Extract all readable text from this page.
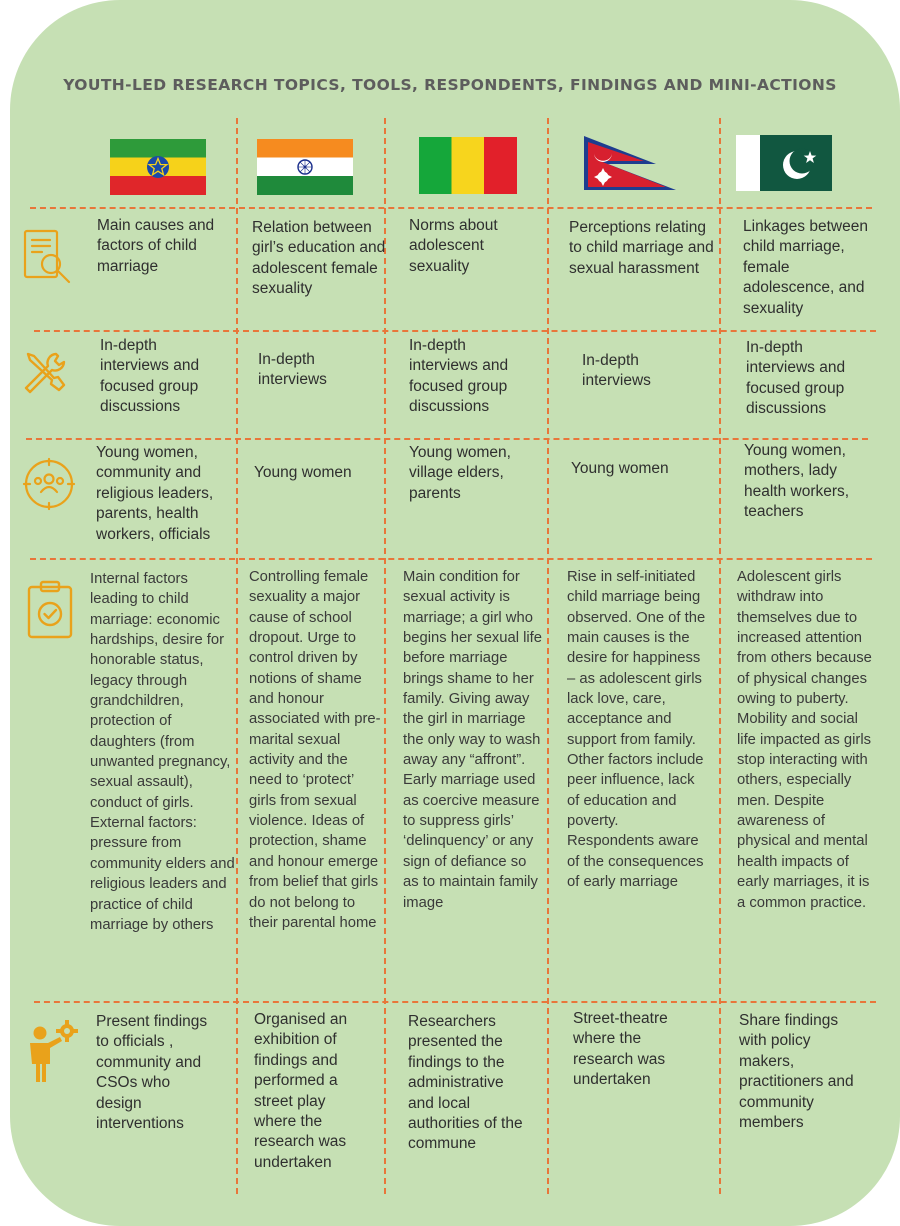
YOUTH-LED RESEARCH TOPICS, TOOLS, RESPONDENTS, FINDINGS AND MINI-ACTIONS
Main causes and factors of child marriage
Relation between girl’s education and adolescent female sexuality
Norms about adolescent sexuality
Perceptions relating to child marriage and sexual harassment
Linkages between child marriage, female adolescence, and sexuality
In-depth interviews and focused group discussions
In-depth interviews
In-depth interviews and focused group discussions
In-depth interviews
In-depth interviews and focused group discussions
Young women, community and religious leaders, parents, health workers, officials
Young women
Young women, village elders, parents
Young women
Young women, mothers, lady health workers, teachers
Internal factors leading to child marriage: economic hardships, desire for honorable status, legacy through grandchildren, protection of daughters (from unwanted pregnancy, sexual assault), conduct of girls. External factors: pressure from community elders and religious leaders and practice of child marriage by others
Controlling female sexuality a major cause of school dropout. Urge to control driven by notions of shame and honour associated with pre-marital sexual activity and the need to ‘protect’ girls from sexual violence. Ideas of protection, shame and honour emerge from belief that girls do not belong to their parental home
Main condition for sexual activity is marriage; a girl who begins her sexual life before marriage brings shame to her family. Giving away the girl in marriage the only way to wash away any “affront”. Early marriage used as coercive measure to suppress girls’ ‘delinquency’ or any sign of defiance so as to maintain family image
Rise in self-initiated child marriage being observed. One of the main causes is the desire for happiness – as adolescent girls lack love, care, acceptance and support from family. Other factors include peer influence, lack of education and poverty. Respondents aware of the consequences of early marriage
Adolescent girls withdraw into themselves due to increased attention from others because of physical changes owing to puberty. Mobility and social life impacted as girls stop interacting with others, especially men. Despite awareness of physical and mental health impacts of early marriages, it is a common practice.
Present findings to officials , community and CSOs who design interventions
Organised an exhibition of findings and performed a street play where the research was undertaken
Researchers presented the findings to the administrative and local authorities of the commune
Street-theatre where the research was undertaken
Share findings with policy makers, practitioners and community members
